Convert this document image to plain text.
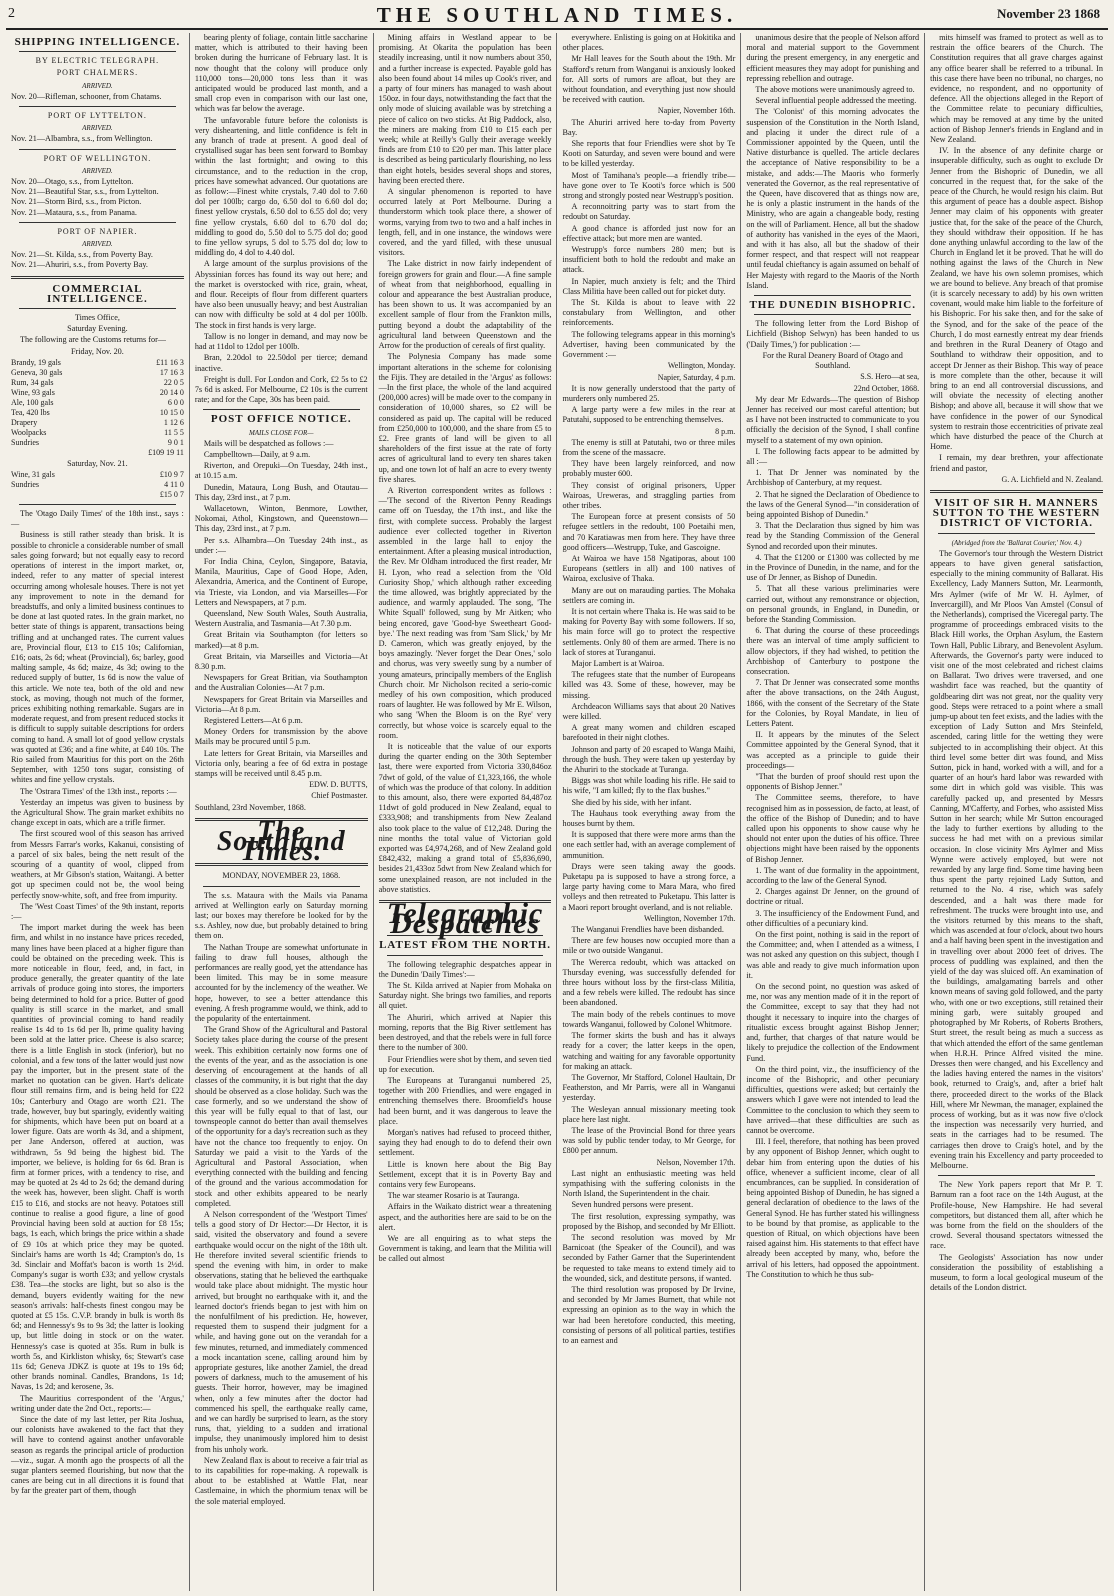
2	THE SOUTHLAND TIMES.	November 23 1868
SHIPPING INTELLIGENCE.
BY ELECTRIC TELEGRAPH.
PORT CHALMERS.
ARRIVED.
Nov. 20—Rifleman, schooner, from Chatams.
PORT OF LYTTELTON.
ARRIVED.
Nov. 21—Albambra, s.s., from Wellington.
PORT OF WELLINGTON.
ARRIVED.
Nov. 20—Otago, s.s., from Lyttelton.
Nov. 21—Beautiful Star, s.s., from Lyttelton.
Nov. 21—Storm Bird, s.s., from Picton.
Nov. 21—Mataura, s.s., from Panama.
PORT OF NAPIER.
ARRIVED.
Nov. 21—St. Kilda, s.s., from Poverty Bay.
Nov. 21—Ahuriri, s.s., from Poverty Bay.
COMMERCIAL INTELLIGENCE.
Times Office,
Saturday Evening.

The following are the Customs returns for—

Friday, Nov. 20.
Brandy, 19 gals	£11 16 3
Geneva, 30 gals	17 16 3
Rum, 34 gals	22 0 5
Wine, 93 gals	20 14 0
Ale, 100 gals	6 0 0
Tea, 420 lbs	10 15 0
Drapery	1 12 6
Woolpacks	11 5 5
Sundries	9 0 1
	£109 19 11
Saturday, Nov. 21.
Wine, 31 gals	£10 9 7
Sundries	4 11 0
	£15 0 7

The 'Otago Daily Times' of the 18th inst., says :—

Business is still rather steady than brisk. It is possible to chronicle a considerable number of small sales going forward; but not equally easy to record operations of interest in the import market, or, indeed, refer to any matter of special interest occurring among wholesale houses. There is not yet any improvement to note in the demand for breadstuffs, and only a limited business continues to be done at last quoted rates. In the grain market, no better state of things is apparent, transactions being trifling and at unchanged rates. The current values are, Provincial flour, £13 to £15 10s; Californian, £16; oats, 2s 6d; wheat (Provincial), 6s; barley, good malting sample, 4s 6d; maize, 4s 3d; owing to the reduced supply of butter, 1s 6d is now the value of this article. We note tea, both of the old and new stock, as moving, though not much of the former, prices exhibiting nothing remarkable. Sugars are in moderate request, and from present reduced stocks it is difficult to supply suitable descriptions for orders coming to hand. A small lot of good yellow crystals was quoted at £36; and a fine white, at £40 10s. The Rio sailed from Mauritius for this port on the 26th September, with 1250 tons sugar, consisting of whites and fine yellow crystals.

The 'Ostrara Times' of the 13th inst., reports :—

Yesterday an impetus was given to business by the Agricultural Show. The grain market exhibits no change except in oats, which are a trifle firmer.

The first scoured wool of this season has arrived from Messrs Farrar's works, Kakanui, consisting of a parcel of six bales, being the nett result of the scouring of a quantity of wool, clipped from weathers, at Mr Gibson's station, Waitangi. A better got up specimen could not be, the wool being perfectly snow-white, soft, and free from impurity.

The 'West Coast Times' of the 9th instant, reports :—

The import market during the week has been firm, and whilst in no instance have prices receded, many lines have been placed at a higher figure than could be obtained on the preceding week. This is more noticeable in flour, feed, and, in fact, in produce generally, the greater quantity of the late arrivals of produce going into stores, the importers being determined to hold for a price. Butter of good quality is still scarce in the market, and small quantities of provincial coming to hand readily realise 1s 4d to 1s 6d per lb, prime quality having been sold at the latter price. Cheese is also scarce; there is a little English in stock (inferior), but no colonial, and a few tons of the latter would just now pay the importer, but in the present state of the market no quotation can be given. Hart's delicate flour still remains firm, and is being held for £22 10s; Canterbury and Otago are worth £21. The trade, however, buy but sparingly, evidently waiting for shipments, which have been put on board at a lower figure. Oats are worth 4s 3d, and a shipment, per Jane Anderson, offered at auction, was withdrawn, 5s 9d being the highest bid. The importer, we believe, is holding for 6s 6d. Bran is firm at former prices, with a tendency to rise, and may be quoted at 2s 4d to 2s 6d; the demand during the week has, however, been slight. Chaff is worth £15 to £16, and stocks are not heavy. Potatoes still continue to realise a good figure, a line of good Provincial having been sold at auction for £8 15s; bags, 1s each, which brings the price within a shade of £9 10s at which price they may be quoted. Sinclair's hams are worth 1s 4d; Crampton's do, 1s 3d. Sinclair and Moffat's bacon is worth 1s 2½d. Company's sugar is worth £33; and yellow crystals £38. Tea—the stocks are light, but so also is the demand, buyers evidently waiting for the new season's arrivals: half-chests finest congou may be quoted at £5 15s. C.V.P. brandy in bulk is worth 8s 6d; and Hennessy's 9s to 9s 3d; the latter is looking up, but little doing in stock or on the water. Hennessy's case is quoted at 35s. Rum in bulk is worth 5s, and Kirkliston whisky, 6s; Stewart's case 11s 6d; Geneva JDKZ is quote at 19s to 19s 6d; other brands nominal. Candles, Brandons, 1s 1d; Navas, 1s 2d; and kerosene, 3s.

The Mauritius correspondent of the 'Argus,' writing under date the 2nd Oct., reports:—

Since the date of my last letter, per Rita Joshua, our colonists have awakened to the fact that they will have to contend against another unfavorable season as regards the principal article of production—viz., sugar. A month ago the prospects of all the sugar planters seemed flourishing, but now that the canes are being cut in all directions it is found that by far the greater part of them, though

bearing plenty of foliage, contain little saccharine matter, which is attributed to their having been broken during the hurricane of February last. It is now thought that the colony will produce only 110,000 tons—20,000 tons less than it was anticipated would be produced last month, and a small crop even in comparison with our last one, which was far below the average.

The unfavorable future before the colonists is very disheartening, and little confidence is felt in any branch of trade at present. A good deal of crystallised sugar has been sent forward to Bombay within the last fortnight; and owing to this circumstance, and to the reduction in the crop, prices have somewhat advanced. Our quotations are as follow:—Finest white crystals, 7.40 dol to 7.60 dol per 100lb; cargo do, 6.50 dol to 6.60 dol do; finest yellow crystals, 6.50 dol to 6.55 dol do; very fine yellow crystals, 6.60 dol to 6.70 dol do; middling to good do, 5.50 dol to 5.75 dol do; good to fine yellow syrups, 5 dol to 5.75 dol do; low to middling do, 4 dol to 4.40 dol.

A large amount of the surplus provisions of the Abyssinian forces has found its way out here; and the market is overstocked with rice, grain, wheat, and flour. Receipts of flour from different quarters have also been unusually heavy; and best Australian can now with difficulty be sold at 4 dol per 100lb. The stock in first hands is very large.

Tallow is no longer in demand, and may now be had at 11dol to 12dol per 100lb.

Bran, 2.20dol to 22.50dol per tierce; demand inactive.

Freight is dull. For London and Cork, £2 5s to £2 7s 6d is asked. For Melbourne, £2 10s is the current rate; and for the Cape, 30s has been paid.

POST OFFICE NOTICE.
MAILS CLOSE FOR—

Mails will be despatched as follows :—

Campbelltown—Daily, at 9 a.m.

Riverton, and Orepuki—On Tuesday, 24th inst., at 10.15 a.m.

Dunedin, Mataura, Long Bush, and Otautau—This day, 23rd inst., at 7 p.m.

Wallacetown, Winton, Benmore, Lowther, Nokomai, Athol, Kingstown, and Queenstown—This day, 23rd inst., at 7 p.m.

Per s.s. Alhambra—On Tuesday 24th inst., as under :—

For India China, Ceylon, Singapore, Batavia, Manila, Mauritius, Cape of Good Hope, Aden, Alexandria, America, and the Continent of Europe, via Trieste, via London, and via Marseilles—For Letters and Newspapers, at 7 p.m.

Queensland, New South Wales, South Australia, Western Australia, and Tasmania—At 7.30 p.m.

Great Britain via Southampton (for letters so marked)—at 8 p.m.

Great Britain, via Marseilles and Victoria—At 8.30 p.m.

Newspapers for Great Britian, via Southampton and the Australian Colonies—At 7 p.m.

Newspapers for Great Britain via Marseilles and Victoria—At 8 p.m.

Registered Letters—At 6 p.m.

Money Orders for transmission by the above Mails may be procured until 5 p.m.

Late letters for Great Britain, via Marseilles and Victoria only, bearing a fee of 6d extra in postage stamps will be received until 8.45 p.m.

EDW. D. BUTTS,
Chief Postmaster.
Southland, 23rd November, 1868.
The Southland Times.
MONDAY, NOVEMBER 23, 1868.

The s.s. Mataura with the Mails via Panama arrived at Wellington early on Saturday morning last; our boxes may therefore be looked for by the s.s. Ashley, now due, but probably detained to bring them on.

The Nathan Troupe are somewhat unfortunate in failing to draw full houses, although the performances are really good, yet the attendance has been limited. This may be in some measure accounted for by the inclemency of the weather. We hope, however, to see a better attendance this evening. A fresh programme would, we think, add to the popularity of the entertainment.

The Grand Show of the Agricultural and Pastoral Society takes place during the course of the present week. This exhibition certainly now forms one of the events of the year, and as the association is one deserving of encouragement at the hands of all classes of the community, it is but right that the day should be observed as a close holiday. Such was the case formerly, and so we understand the show of this year will be fully equal to that of last, our townspeople cannot do better than avail themselves of the opportunity for a day's recreation such as they have not the chance too frequently to enjoy. On Saturday we paid a visit to the Yards of the Agricultural and Pastoral Association, when everything connected with the building and fencing of the ground and the various accommodation for stock and other exhibits appeared to be nearly completed.

A Nelson correspondent of the 'Westport Times' tells a good story of Dr Hector:—Dr Hector, it is said, visited the observatory and found a severe earthquake would occur on the night of the 18th ult. He therefore invited several scientific friends to spend the evening with him, in order to make observations, stating that he believed the earthquake would take place about midnight. The mystic hour arrived, but brought no earthquake with it, and the learned doctor's friends began to jest with him on the nonfulfilment of his prediction. He, however, requested them to suspend their judgment for a while, and having gone out on the verandah for a few minutes, returned, and immediately commenced a mock incantation scene, calling around him by appropriate gestures, like another Zamiel, the dread powers of darkness, much to the amusement of his guests. Their horror, however, may be imagined when, only a few minutes after the doctor had commenced his spell, the earthquake really came, and we can hardly be surprised to learn, as the story runs, that, yielding to a sudden and irrational impulse, they unanimously implored him to desist from his unholy work.

New Zealand flax is about to receive a fair trial as to its capabilities for rope-making. A ropewalk is about to be established at Wattle Flat, near Castlemaine, in which the phormium tenax will be the sole material employed.

Mining affairs in Westland appear to be promising. At Okarita the population has been steadily increasing, until it now numbers about 350, and a further increase is expected. Payable gold has also been found about 14 miles up Cook's river, and a party of four miners has managed to wash about 150oz. in four days, notwithstanding the fact that the only mode of sluicing available was by stretching a piece of calico on two sticks. At Big Paddock, also, the miners are making from £10 to £15 each per week; while at Reilly's Gully their average weekly finds are from £10 to £20 per man. This latter place is described as being particularly flourishing, no less than eight hotels, besides several shops and stores, having been erected there.

A singular phenomenon is reported to have occurred lately at Port Melbourne. During a thunderstorm which took place there, a shower of worms, varying from two to two and a half inches in length, fell, and in one instance, the windows were covered, and the yard filled, with these unusual visitors.

The Lake district in now fairly independent of foreign growers for grain and flour.—A fine sample of wheat from that neighborhood, equalling in colour and appearance the best Australian produce, has been shown to us. It was accompanied by an excellent sample of flour from the Frankton mills, putting beyond a doubt the adaptability of the agricultural land between Queenstown and the Arrow for the production of cereals of first quality.

The Polynesia Company has made some important alterations in the scheme for colonising the Fijis. They are detailed in the 'Argus' as follows:—In the first place, the whole of the land acquired (200,000 acres) will be made over to the company in consideration of 10,000 shares, so £2 will be considered as paid up. The capital will be reduced from £250,000 to 100,000, and the share from £5 to £2. Free grants of land will be given to all shareholders of the first issue at the rate of forty acres of agricultural land to every ten shares taken up, and one town lot of half an acre to every twenty five shares.

A Riverton correspondent writes as follows :—'The second of the Riverton Penny Readings came off on Tuesday, the 17th inst., and like the first, with complete success. Probably the largest audience ever collected together in Riverton assembled in the large hall to enjoy the entertainment. After a pleasing musical introduction, the Rev. Mr Oldham introduced the first reader, Mr H. Lyon, who read a selection from the 'Old Curiosity Shop,' which although rather exceeding the time allowed, was brightly appreciated by the audience, and warmly applauded. The song, 'The White Squall' followed, sung by Mr Aitken; who being encored, gave 'Good-bye Sweetheart Good-bye.' The next reading was from 'Sam Slick,' by Mr D. Cameron, which was greatly enjoyed, by the boys amazingly. 'Never forget the Dear Ones,' solo and chorus, was very sweetly sung by a number of young amateurs, principally members of the English Church choir. Mr Nicholson recited a serio-comic medley of his own composition, which produced roars of laughter. He was followed by Mr E. Wilson, who sang 'When the Bloom is on the Rye' very correctly, but whose voice is scarcely equal to the room.

It is noticeable that the value of our exports during the quarter ending on the 30th September last, there were exported from Victoria 330,846oz 7dwt of gold, of the value of £1,323,166, the whole of which was the produce of that colony. In addition to this amount, also, there were exported 84,487oz 11dwt of gold produced in New Zealand, equal to £333,908; and transhipments from New Zealand also took place to the value of £12,248. During the nine months the total value of Victorian gold exported was £4,974,268, and of New Zealand gold £842,432, making a grand total of £5,836,690, besides 21,433oz 5dwt from New Zealand which for some unexplained reason, are not included in the above statistics.

Telegraphic Despatches
LATEST FROM THE NORTH.

The following telegraphic despatches appear in the Dunedin 'Daily Times':—

The St. Kilda arrived at Napier from Mohaka on Saturday night. She brings two families, and reports all quiet.

The Ahuriri, which arrived at Napier this morning, reports that the Big River settlement has been destroyed, and that the rebels were in full force there to the number of 300.

Four Friendlies were shot by them, and seven tied up for execution.

The Europeans at Turanganui numbered 25, together with 200 Friendlies, and were engaged in entrenching themselves there. Broomfield's house had been burnt, and it was dangerous to leave the place.

Morgan's natives had refused to proceed thither, saying they had enough to do to defend their own settlement.

Little is known here about the Big Bay Settlement, except that it is in Poverty Bay and contains very few Europeans.

The war steamer Rosario is at Tauranga.

Affairs in the Waikato district wear a threatening aspect, and the authorities here are said to be on the alert.

We are all enquiring as to what steps the Government is taking, and learn that the Militia will be called out almost

everywhere. Enlisting is going on at Hokitika and other places.

Mr Hall leaves for the South about the 19th. Mr Stafford's return from Wanganui is anxiously looked for. All sorts of rumors are afloat, but they are without foundation, and everything just now should be received with caution.

Napier, November 16th.

The Ahuriri arrived here to-day from Poverty Bay.

She reports that four Friendlies were shot by Te Kooti on Saturday, and seven were bound and were to be killed yesterday.

Most of Tamihana's people—a friendly tribe—have gone over to Te Kooti's force which is 500 strong and strongly posted near Westrupp's position.

A reconnoitring party was to start from the redoubt on Saturday.

A good chance is afforded just now for an effective attack; but more men are wanted.

Westrupp's force numbers 280 men; but is insufficient both to hold the redoubt and make an attack.

In Napier, much anxiety is felt; and the Third Class Militia have been called out for picket duty.

The St. Kilda is about to leave with 22 constabulary from Wellington, and other reinforcements.

The following telegrams appear in this morning's Advertiser, having been communicated by the Government :—

Wellington, Monday.
Napier, Saturday, 4 p.m.

It is now generally understood that the party of murderers only numbered 25.

A large party were a few miles in the rear at Patutahi, supposed to be entrenching themselves.

8 p.m.

The enemy is still at Patutahi, two or three miles from the scene of the massacre.

They have been largely reinforced, and now probably muster 600.

They consist of original prisoners, Upper Wairoas, Ureweras, and straggling parties from other tribes.

The European force at present consists of 50 refugee settlers in the redoubt, 100 Poetaihi men, and 70 Karatiawas men from here. They have three good officers—Westrupp, Tuke, and Gascoigne.

At Wairoa we have 158 Ngatiporas, about 100 Europeans (settlers in all) and 100 natives of Wairoa, exclusive of Thaka.

Many are out on marauding parties. The Mohaka settlers are coming in.

It is not certain where Thaka is. He was said to be making for Poverty Bay with some followers. If so, his main force will go to protect the respective settlements. Only 80 of them are armed. There is no lack of stores at Turanganui.

Major Lambert is at Wairoa.

The refugees state that the number of Europeans killed was 43. Some of these, however, may be missing.

Archdeacon Williams says that about 20 Natives were killed.

A great many women and children escaped barefooted in their night clothes.

Johnson and party of 20 escaped to Wanga Maihi, through the bush. They were taken up yesterday by the Ahuriri to the stockade at Turanga.

Biggs was shot while loading his rifle. He said to his wife, "I am killed; fly to the flax bushes."

She died by his side, with her infant.

The Hauhaus took everything away from the houses burnt by them.

It is supposed that there were more arms than the one each settler had, with an average complement of ammunition.

Drays were seen taking away the goods. Puketapu pa is supposed to have a strong force, a large party having come to Mara Mara, who fired volleys and then retreated to Puketapu. This latter is a Maori report brought overland, and is not reliable.

Wellington, November 17th.

The Wanganui Frendlies have been disbanded.

There are few houses now occupied more than a mile or two outside Wanganui.

The Wererca redoubt, which was attacked on Thursday evening, was successfully defended for three hours without loss by the first-class Militia, and a few rebels were killed. The redoubt has since been abandoned.

The main body of the rebels continues to move towards Wanganui, followed by Colonel Whitmore.

The former skirts the bush and has it always ready for a cover; the latter keeps in the open, watching and waiting for any favorable opportunity for making an attack.

The Governor, Mr Stafford, Colonel Haultain, Dr Featherston, and Mr Parris, were all in Wanganui yesterday.

The Wesleyan annual missionary meeting took place here last night.

The lease of the Provincial Bond for three years was sold by public tender today, to Mr George, for £800 per annum.

Nelson, November 17th.

Last night an enthusiastic meeting was held sympathising with the suffering colonists in the North Island, the Superintendent in the chair.

Seven hundred persons were present.

The first resolution, expressing sympathy, was proposed by the Bishop, and seconded by Mr Elliott.

The second resolution was moved by Mr Barnicoat (the Speaker of the Council), and was seconded by Father Garner that the Superintendent be requested to take means to extend timely aid to the wounded, sick, and destitute persons, if wanted.

The third resolution was proposed by Dr Irvine, and seconded by Mr James Burnett, that while not expressing an opinion as to the way in which the war had been heretofore conducted, this meeting, consisting of persons of all political parties, testifies to an earnest and

unanimous desire that the people of Nelson afford moral and material support to the Government during the present emergency, in any energetic and efficient measures they may adopt for punishing and repressing rebellion and outrage.

The above motions were unanimously agreed to.

Several influential people addressed the meeting.

The 'Colonist' of this morning advocates the suspension of the Constitution in the North Island, and placing it under the direct rule of a Commissioner appointed by the Queen, until the Native disturbance is quelled. The article declares the acceptance of Native responsibility to be a mistake, and adds:—The Maoris who formerly venerated the Governor, as the real representative of the Queen, have discovered that as things now are, he is only a plastic instrument in the hands of the Ministry, who are again a changeable body, resting on the will of Parliament. Hence, all but the shadow of authority has vanished in the eyes of the Maori, and with it has also, all but the shadow of their former respect, and that respect will not reappear until feudal chieftancy is again assumed on behalf of Her Majesty with regard to the Maoris of the North Island.

THE DUNEDIN BISHOPRIC.

The following letter from the Lord Bishop of Lichfield (Bishop Selwyn) has been handed to us ('Daily Times,') for publication :—

For the Rural Deanery Board of Otago and Southland.
S.S. Hero—at sea,
22nd October, 1868.

My dear Mr Edwards—The question of Bishop Jenner has received our most careful attention; but as I have not been instructed to communicate to you officially the decision of the Synod, I shall confine myself to a statement of my own opinion.

I. The following facts appear to be admitted by all :—

1. That Dr Jenner was nominated by the Archbishop of Canterbury, at my request.

2. That he signed the Declaration of Obedience to the laws of the General Synod—"in consideration of being appointed Bishop of Dunedin."

3. That the Declaration thus signed by him was read by the Standing Commission of the General Synod and recorded upon their minutes.

4. That the £1200 or £1300 was collected by me in the Province of Dunedin, in the name, and for the use of Dr Jenner, as Bishop of Dunedin.

5. That all these various preliminaries were carried out, without any remonstrance or objection, on personal grounds, in England, in Dunedin, or before the Standing Commission.

6. That during the course of these proceedings there was an interval of time amply sufficient to allow objectors, if they had wished, to petition the Archbishop of Canterbury to postpone the consecration.

7. That Dr Jenner was consecrated some months after the above transactions, on the 24th August, 1866, with the consent of the Secretary of the State for the Colonies, by Royal Mandate, in lieu of Letters Patent.

II. It appears by the minutes of the Select Committee appointed by the General Synod, that it was accepted as a principle to guide their proceedings—

"That the burden of proof should rest upon the opponents of Bishop Jenner."

The Committee seems, therefore, to have recognised him as in possession, de facto, at least, of the office of the Bishop of Dunedin; and to have called upon his opponents to show cause why he should not enter upon the duties of his office. Three objections might have been raised by the opponents of Bishop Jenner.

1. The want of due formality in the appointment, according to the law of the General Synod.

2. Charges against Dr Jenner, on the ground of doctrine or ritual.

3. The insufficiency of the Endowment Fund, and other difficulties of a pecuniary kind.

On the first point, nothing is said in the report of the Committee; and, when I attended as a witness, I was not asked any question on this subject, though I was able and ready to give much information upon it.

On the second point, no question was asked of me, nor was any mention made of it in the report of the Committee, except to say that they had not thought it necessary to inquire into the charges of ritualistic excess brought against Bishop Jenner; and, further, that charges of that nature would be likely to prejudice the collection of the Endowment Fund.

On the third point, viz., the insufficiency of the income of the Bishopric, and other pecuniary difficulties, questions were asked; but certainly the answers which I gave were not intended to lead the Committee to the conclusion to which they seem to have arrived—that these difficulties are such as cannot be overcome.

III. I feel, therefore, that nothing has been proved by any opponent of Bishop Jenner, which ought to debar him from entering upon the duties of his office, whenever a sufficient income, clear of all encumbrances, can be supplied. In consideration of being appointed Bishop of Dunedin, he has signed a general declaration of obedience to the laws of the General Synod. He has further stated his willingness to be bound by that promise, as applicable to the question of Ritual, on which objections have been raised against him. His statements to that effect have already been accepted by many, who, before the arrival of his letters, had opposed the appointment. The Constitution to which he thus sub-

mits himself was framed to protect as well as to restrain the office bearers of the Church. The Constitution requires that all grave charges against any office bearer shall be referred to a tribunal. In this case there have been no tribunal, no charges, no evidence, no respondent, and no opportunity of defence. All the objections alleged in the Report of the Committee relate to pecuniary difficulties, which may be removed at any time by the united action of Bishop Jenner's friends in England and in New Zealand.

IV. In the absence of any definite charge or insuperable difficulty, such as ought to exclude Dr Jenner from the Bishopric of Dunedin, we all concurred in the request that, for the sake of the peace of the Church, he would resign his claim. But this argument of peace has a double aspect. Bishop Jenner may claim of his opponents with greater justice that, for the sake of the peace of the Church, they should withdraw their opposition. If he has done anything unlawful according to the law of the Church in England let it be proved. That he will do nothing against the laws of the Church in New Zealand, we have his own solemn promises, which we are bound to believe. Any breach of that promise (it is scarcely necessary to add) by his own written covenant, would make him liable to the forfeiture of his Bishopric. For his sake then, and for the sake of the Synod, and for the sake of the peace of the Church, I do most earnestly entreat my dear friends and brethren in the Rural Deanery of Otago and Southland to withdraw their opposition, and to accept Dr Jenner as their Bishop. This way of peace is more complete than the other, because it will bring to an end all controversial discussions, and will obviate the necessity of electing another Bishop; and above all, because it will show that we have confidence in the power of our Synodical system to restrain those eccentricities of private zeal which have disturbed the peace of the Church at Home.

I remain, my dear brethren, your affectionate friend and pastor,

G. A. Lichfield and N. Zealand.
VISIT OF SIR H. MANNERS SUTTON TO THE WESTERN DISTRICT OF VICTORIA.
(Abridged from the 'Ballarat Courier,' Nov. 4.)

The Governor's tour through the Western District appears to have given general satisfaction, especially to the mining community of Ballarat. His Excellency, Lady Manners Sutton, Mr. Learmonth, Mrs Aylmer (wife of Mr W. H. Aylmer, of Invercargill), and Mr Ploos Van Amstel (Consul of the Netherlands), comprised the Viceregal party. The programme of proceedings embraced visits to the Black Hill works, the Orphan Asylum, the Eastern Town Hall, Public Library, and Benevolent Asylum. Afterwards, the Governor's party were induced to visit one of the most celebrated and richest claims on Ballarat. Two drives were traversed, and one washdirt face was reached, but the quantity of goldbearing dirt was not great, nor the quality very good. Steps were retraced to a point where a small jump-up about ten feet exists, and the ladies with the exception of Lady Sutton and Mrs Steinfeld, ascended, caring little for the wetting they were subjected to in accomplishing their object. At this third level some better dirt was found, and Miss Sutton, pick in hand, worked with a will, and for a quarter of an hour's hard labor was rewarded with some dirt in which gold was visible. This was carefully packed up, and presented by Messrs Canning, M'Cafferty, and Forbes, who assisted Miss Sutton in her search; while Mr Sutton encouraged the lady to further exertions by alluding to the success he had met with on a previous similar occasion. In close vicinity Mrs Aylmer and Miss Wynne were actively employed, but were not rewarded by any large find. Some time having been thus spent the party rejoined Lady Sutton, and returned to the No. 4 rise, which was safely descended, and a halt was there made for refreshment. The trucks were brought into use, and the visitors returned by this means to the shaft, which was ascended at four o'clock, about two hours and a half having been spent in the investigation and in travelling over about 2000 feet of drives. The process of puddling was explained, and then the yield of the day was sluiced off. An examination of the buildings, amalgamating barrels and other known means of saving gold followed, and the party who, with one or two exceptions, still retained their mining garb, were suitably grouped and photographed by Mr Roberts, of Roberts Brothers, Sturt street, the result being as much a success as that which attended the effort of the same gentleman when H.R.H. Prince Alfred visited the mine. Dresses then were changed, and his Excellency and the ladies having entered the names in the visitors' book, returned to Craig's, and, after a brief halt there, proceeded direct to the works of the Black Hill, where Mr Newman, the manager, explained the process of working, but as it was now five o'clock the inspection was necessarily very hurried, and seats in the carriages had to be resumed. The carriages then drove to Craig's hotel, and by the evening train his Excellency and party proceeded to Melbourne.

The New York papers report that Mr P. T. Barnum ran a foot race on the 14th August, at the Profile-house, New Hampshire. He had several competitors, but distanced them all, after which he was borne from the field on the shoulders of the crowd. Several thousand spectators witnessed the race.

The Geologists' Association has now under consideration the possibility of establishing a museum, to form a local geological museum of the details of the London district.
